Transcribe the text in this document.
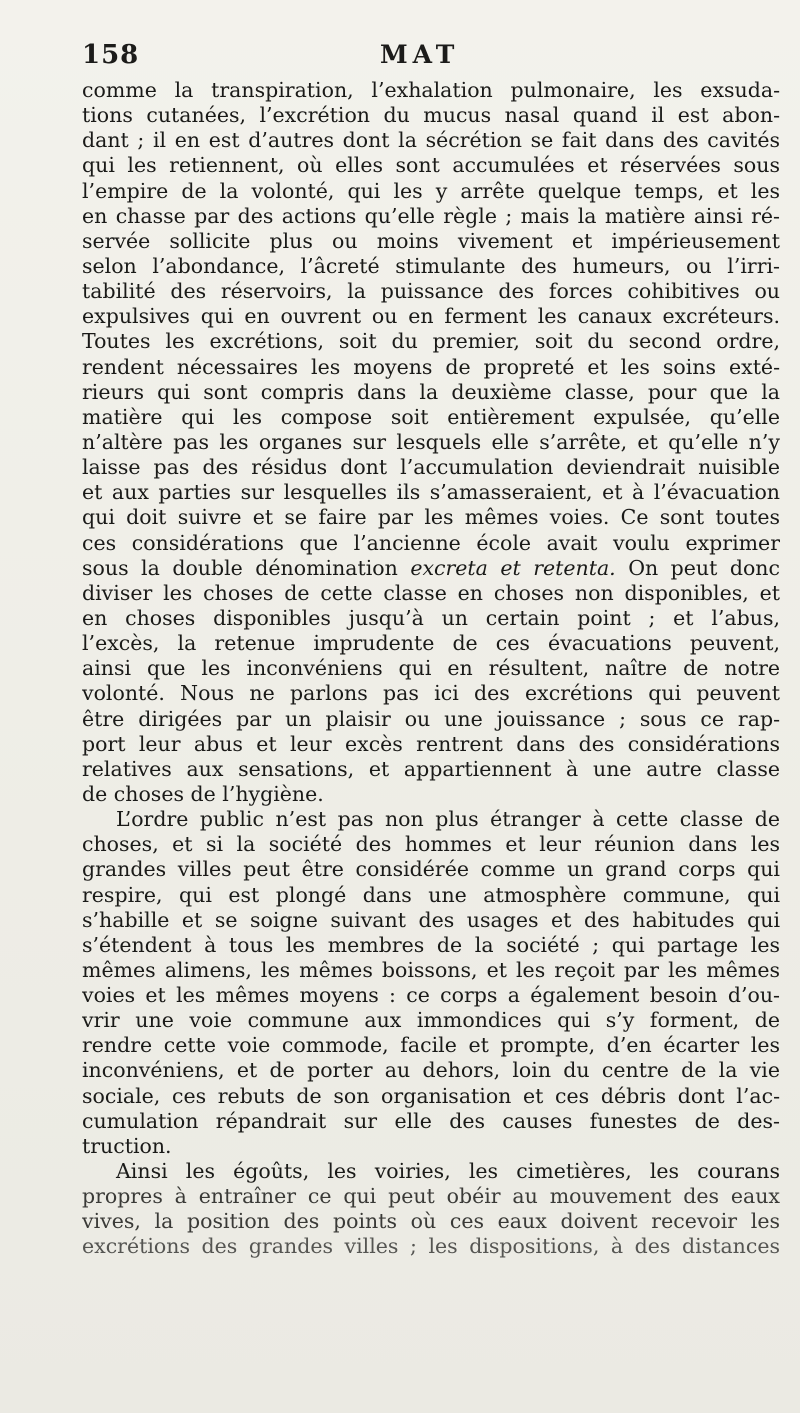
158	MAT
comme la transpiration, l’exhalation pulmonaire, les exsuda-
tions cutanées, l’excrétion du mucus nasal quand il est abon-
dant ; il en est d’autres dont la sécrétion se fait dans des cavités
qui les retiennent, où elles sont accumulées et réservées sous
l’empire de la volonté, qui les y arrête quelque temps, et les
en chasse par des actions qu’elle règle ; mais la matière ainsi ré-
servée sollicite plus ou moins vivement et impérieusement
selon l’abondance, l’âcreté stimulante des humeurs, ou l’irri-
tabilité des réservoirs, la puissance des forces cohibitives ou
expulsives qui en ouvrent ou en ferment les canaux excréteurs.
Toutes les excrétions, soit du premier, soit du second ordre,
rendent nécessaires les moyens de propreté et les soins exté-
rieurs qui sont compris dans la deuxième classe, pour que la
matière qui les compose soit entièrement expulsée, qu’elle
n’altère pas les organes sur lesquels elle s’arrête, et qu’elle n’y
laisse pas des résidus dont l’accumulation deviendrait nuisible
et aux parties sur lesquelles ils s’amasseraient, et à l’évacuation
qui doit suivre et se faire par les mêmes voies. Ce sont toutes
ces considérations que l’ancienne école avait voulu exprimer
sous la double dénomination excreta et retenta. On peut donc
diviser les choses de cette classe en choses non disponibles, et
en choses disponibles jusqu’à un certain point ; et l’abus,
l’excès, la retenue imprudente de ces évacuations peuvent,
ainsi que les inconvéniens qui en résultent, naître de notre
volonté. Nous ne parlons pas ici des excrétions qui peuvent
être dirigées par un plaisir ou une jouissance ; sous ce rap-
port leur abus et leur excès rentrent dans des considérations
relatives aux sensations, et appartiennent à une autre classe
de choses de l’hygiène.
L’ordre public n’est pas non plus étranger à cette classe de
choses, et si la société des hommes et leur réunion dans les
grandes villes peut être considérée comme un grand corps qui
respire, qui est plongé dans une atmosphère commune, qui
s’habille et se soigne suivant des usages et des habitudes qui
s’étendent à tous les membres de la société ; qui partage les
mêmes alimens, les mêmes boissons, et les reçoit par les mêmes
voies et les mêmes moyens : ce corps a également besoin d’ou-
vrir une voie commune aux immondices qui s’y forment, de
rendre cette voie commode, facile et prompte, d’en écarter les
inconvéniens, et de porter au dehors, loin du centre de la vie
sociale, ces rebuts de son organisation et ces débris dont l’ac-
cumulation répandrait sur elle des causes funestes de des-
truction.
Ainsi les égoûts, les voiries, les cimetières, les courans
propres à entraîner ce qui peut obéir au mouvement des eaux
vives, la position des points où ces eaux doivent recevoir les
excrétions des grandes villes ; les dispositions, à des distances
